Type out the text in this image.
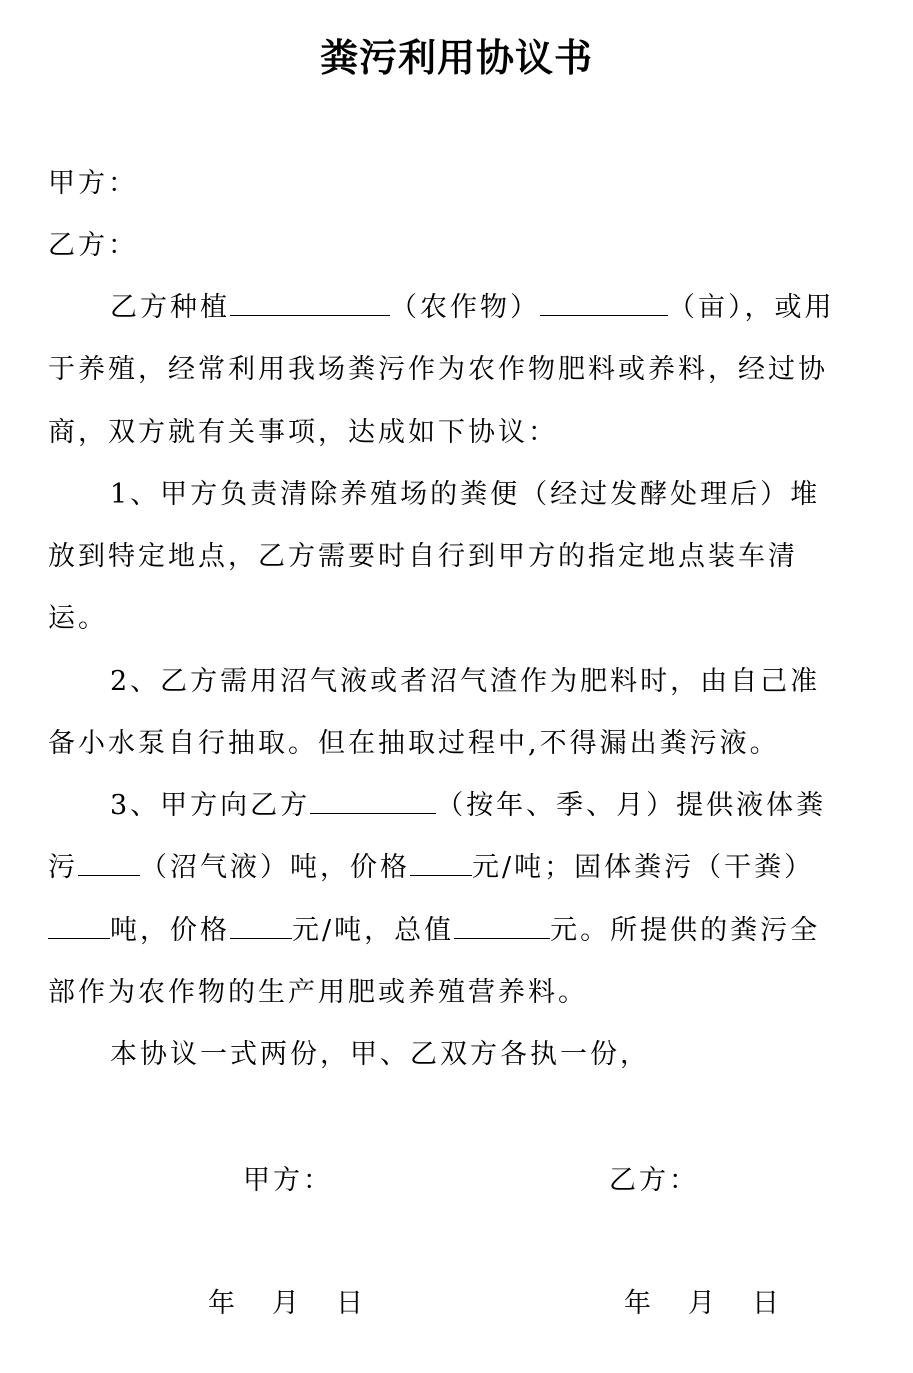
粪污利用协议书
甲方：
乙方：
乙方种植	（农作物）	（亩），或用
于养殖，经常利用我场粪污作为农作物肥料或养料，经过协
商，双方就有关事项，达成如下协议：
1、甲方负责清除养殖场的粪便（经过发酵处理后）堆
放到特定地点，乙方需要时自行到甲方的指定地点装车清
运。
2、乙方需用沼气液或者沼气渣作为肥料时，由自己准
备小水泵自行抽取。但在抽取过程中,不得漏出粪污液。
3、甲方向乙方	（按年、季、月）提供液体粪
污 （沼气液）吨，价格 元/吨；固体粪污（干粪）
吨，价格 元/吨，总值	元。所提供的粪污全
部作为农作物的生产用肥或养殖营养料。
本协议一式两份，甲、乙双方各执一份，
甲方：	乙方：
年 月 日	年 月 日
